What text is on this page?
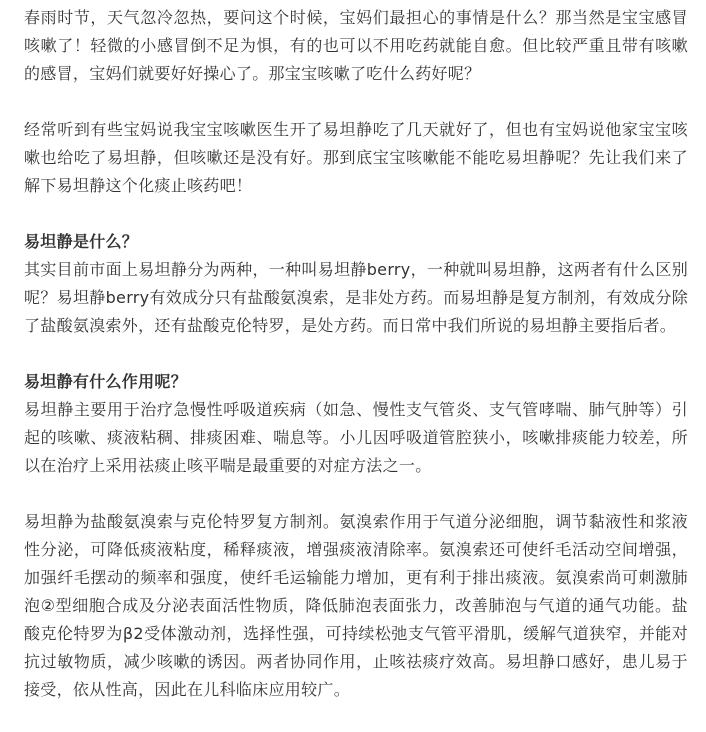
春雨时节，天气忽冷忽热，要问这个时候，宝妈们最担心的事情是什么？那当然是宝宝感冒咳嗽了！轻微的小感冒倒不足为惧，有的也可以不用吃药就能自愈。但比较严重且带有咳嗽的感冒，宝妈们就要好好操心了。那宝宝咳嗽了吃什么药好呢？

经常听到有些宝妈说我宝宝咳嗽医生开了易坦静吃了几天就好了，但也有宝妈说他家宝宝咳嗽也给吃了易坦静，但咳嗽还是没有好。那到底宝宝咳嗽能不能吃易坦静呢？先让我们来了解下易坦静这个化痰止咳药吧！

易坦静是什么？

其实目前市面上易坦静分为两种，一种叫易坦静berry，一种就叫易坦静，这两者有什么区别呢？易坦静berry有效成分只有盐酸氨溴索，是非处方药。而易坦静是复方制剂，有效成分除了盐酸氨溴索外，还有盐酸克伦特罗，是处方药。而日常中我们所说的易坦静主要指后者。

易坦静有什么作用呢？

易坦静主要用于治疗急慢性呼吸道疾病（如急、慢性支气管炎、支气管哮喘、肺气肿等）引起的咳嗽、痰液粘稠、排痰困难、喘息等。小儿因呼吸道管腔狭小，咳嗽排痰能力较差，所以在治疗上采用祛痰止咳平喘是最重要的对症方法之一。

易坦静为盐酸氨溴索与克伦特罗复方制剂。氨溴索作用于气道分泌细胞，调节黏液性和浆液性分泌，可降低痰液粘度，稀释痰液，增强痰液清除率。氨溴索还可使纤毛活动空间增强，加强纤毛摆动的频率和强度，使纤毛运输能力增加，更有利于排出痰液。氨溴索尚可刺激肺泡②型细胞合成及分泌表面活性物质，降低肺泡表面张力，改善肺泡与气道的通气功能。盐酸克伦特罗为β2受体激动剂，选择性强，可持续松弛支气管平滑肌，缓解气道狭窄，并能对抗过敏物质，减少咳嗽的诱因。两者协同作用，止咳祛痰疗效高。易坦静口感好，患儿易于接受，依从性高，因此在儿科临床应用较广。
